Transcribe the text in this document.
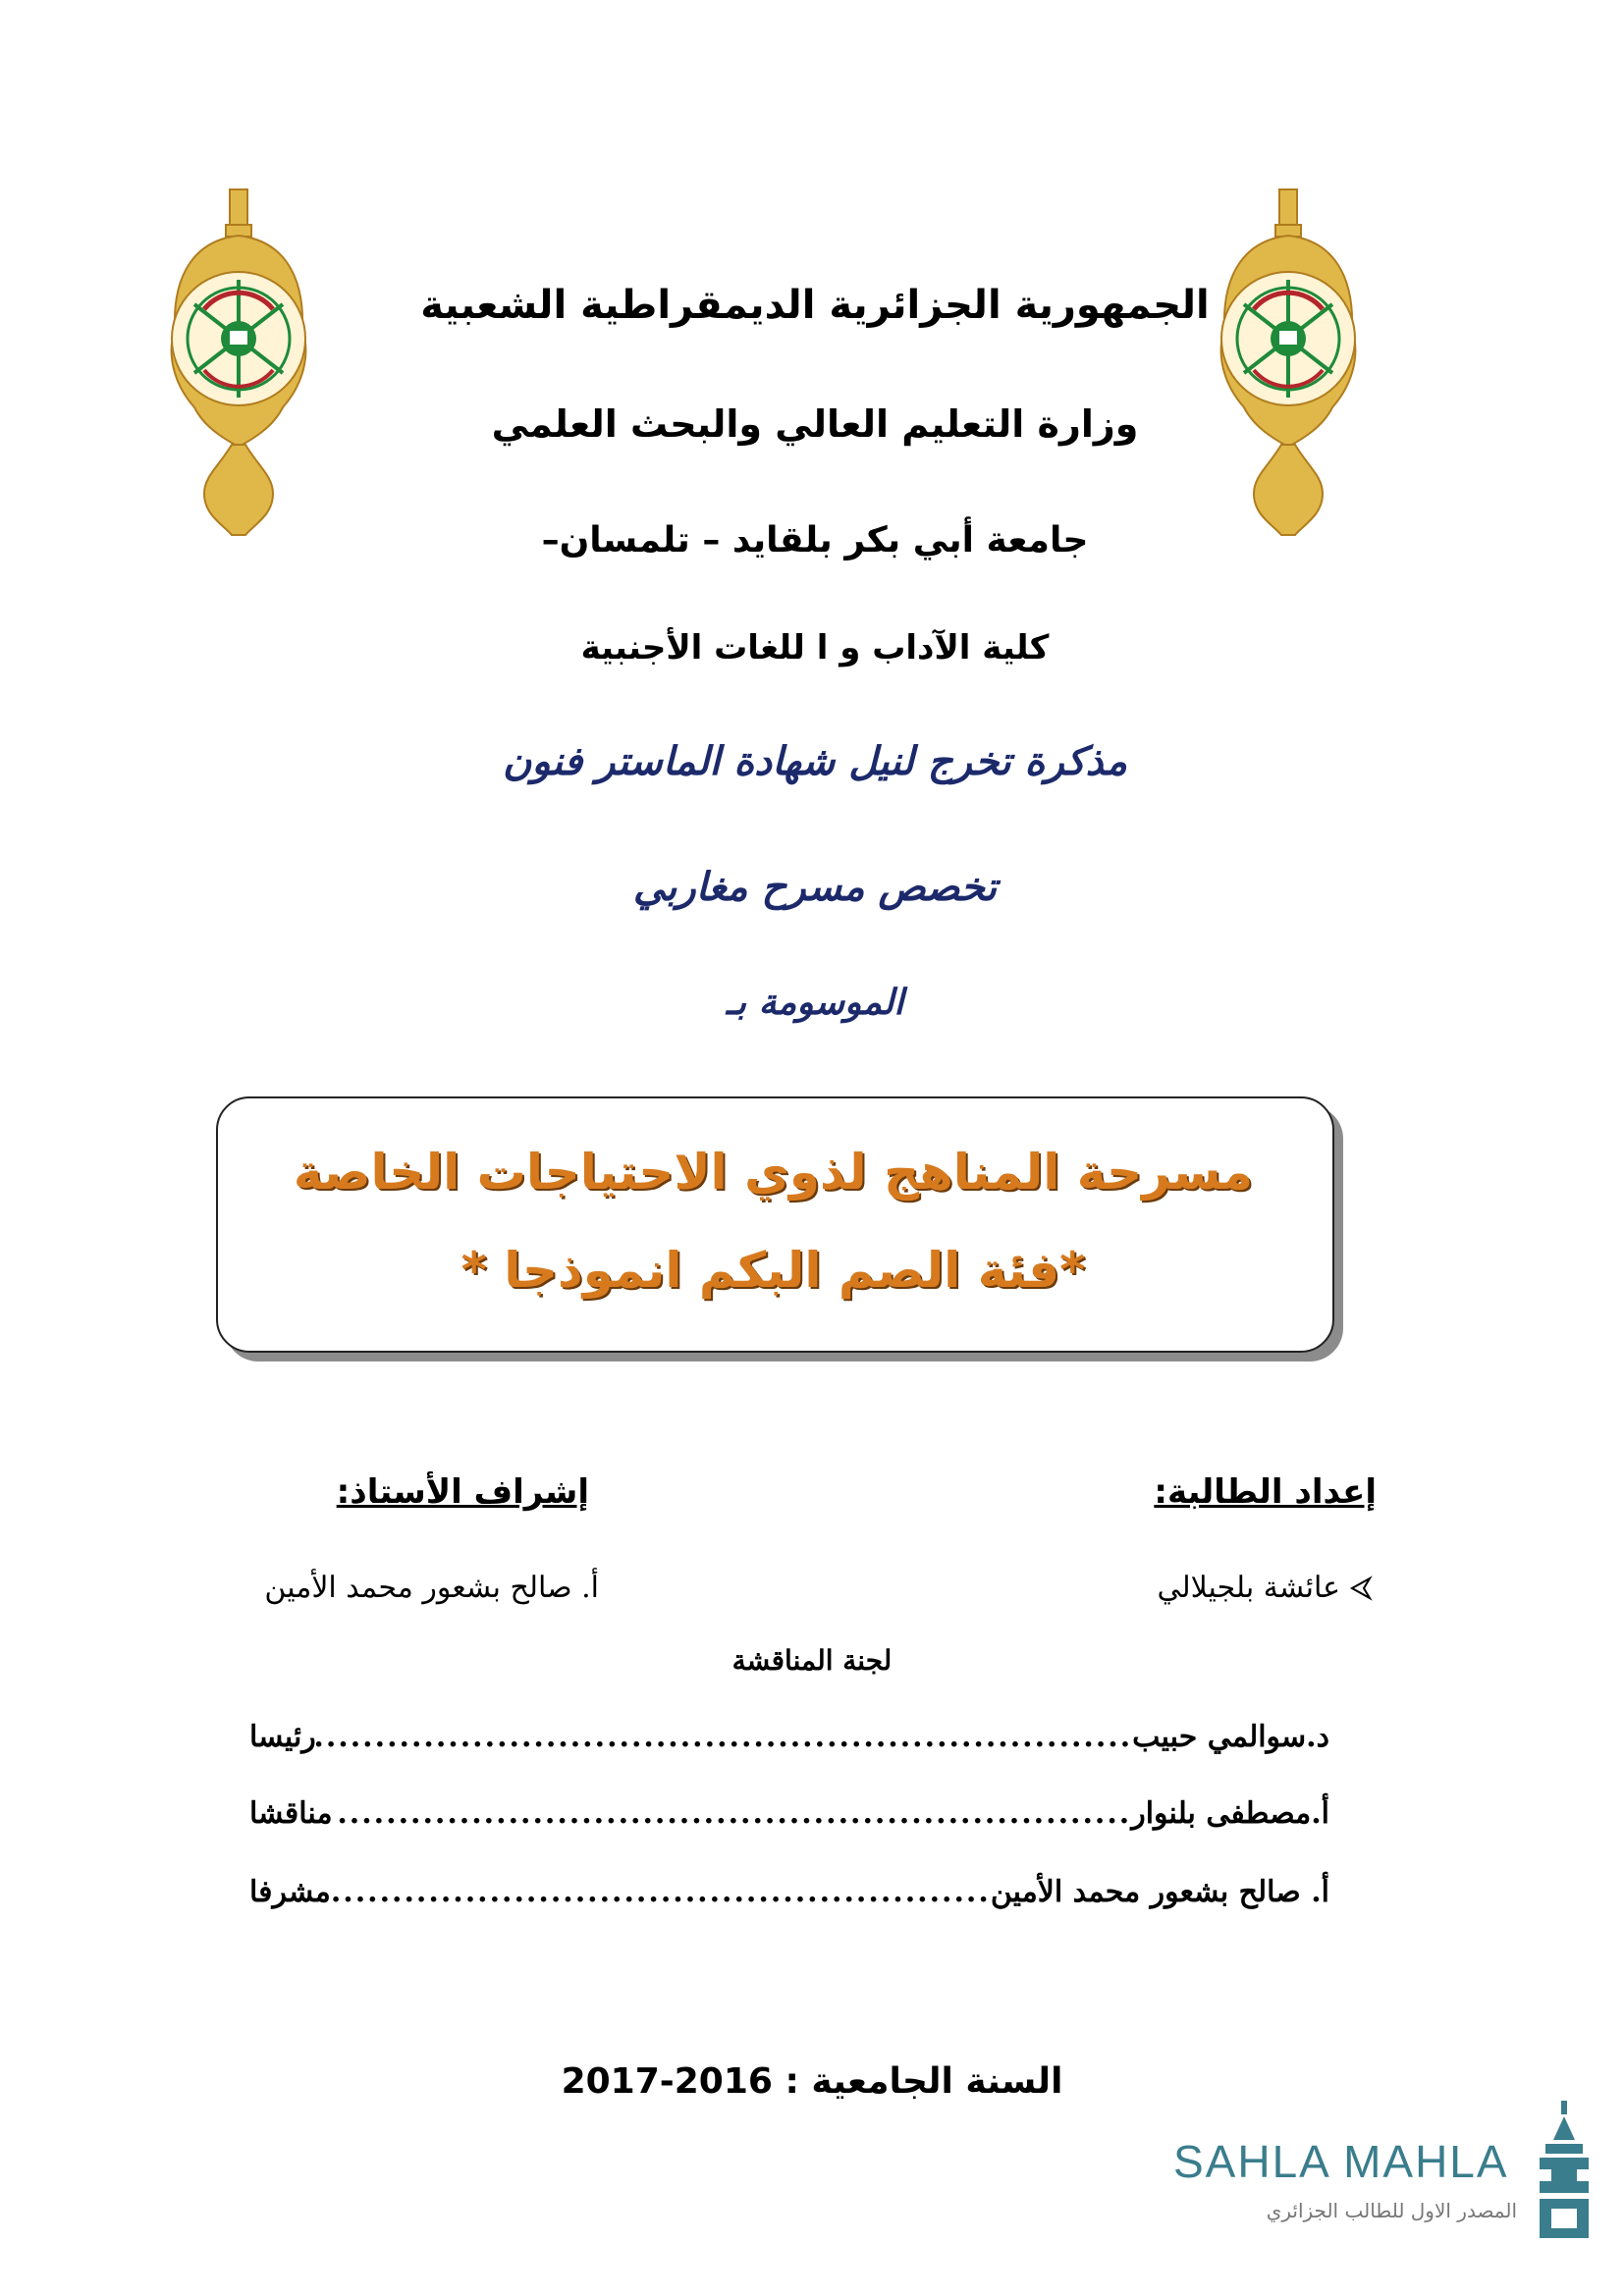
الجمهورية الجزائرية الديمقراطية الشعبية
وزارة التعليم العالي والبحث العلمي
جامعة أبي بكر بلقايد – تلمسان–
كلية الآداب و ا للغات الأجنبية
مذكرة تخرج لنيل شهادة الماستر فنون
تخصص مسرح مغاربي
الموسومة بـ
مسرحة المناهج لذوي الاحتياجات الخاصة
*فئة الصم البكم انموذجا *
إعداد الطالبة:
إشراف الأستاذ:
عائشة بلجيلالي
أ. صالح بشعور محمد الأمين
لجنة المناقشة
د.سوالمي حبيب
.....
رئيسا
أ.مصطفى بلنوار
.....
مناقشا
أ. صالح بشعور محمد الأمين
.....
مشرفا
السنة الجامعية : 2016-2017
SAHLA MAHLA
المصدر الاول للطالب الجزائري
